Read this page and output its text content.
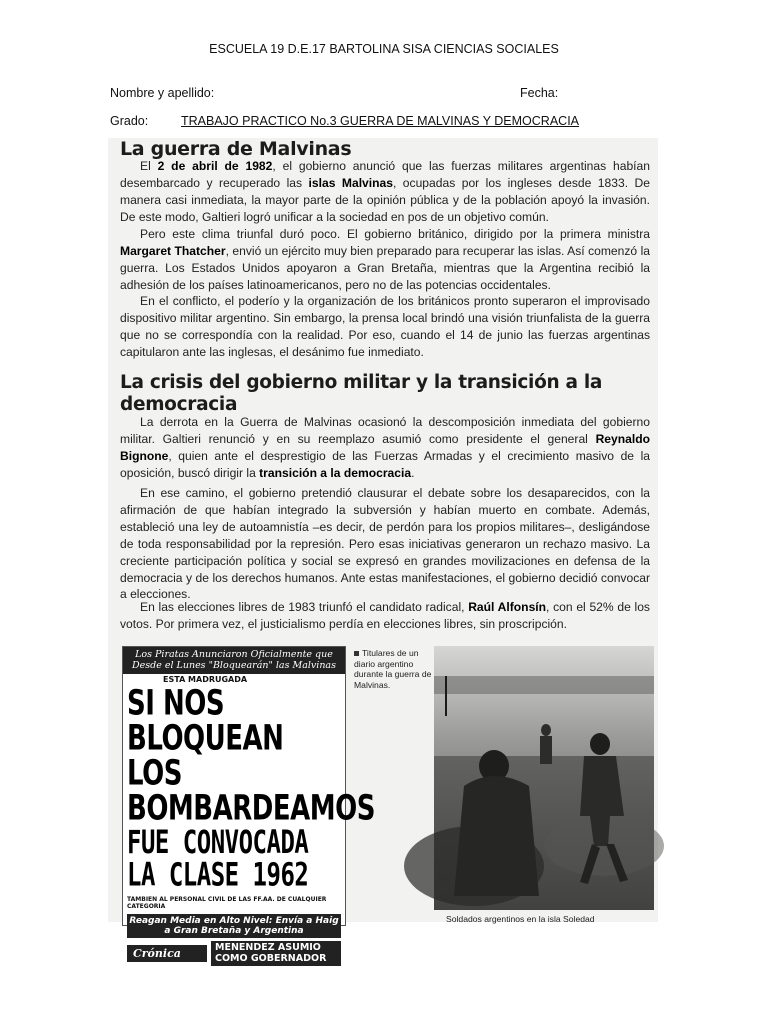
ESCUELA 19 D.E.17 BARTOLINA SISA CIENCIAS SOCIALES
Nombre y apellido:	Fecha:
Grado:	TRABAJO PRACTICO No.3 GUERRA DE MALVINAS Y DEMOCRACIA
La guerra de Malvinas

El 2 de abril de 1982, el gobierno anunció que las fuerzas militares argentinas habían desembarcado y recuperado las islas Malvinas, ocupadas por los ingleses desde 1833. De manera casi inmediata, la mayor parte de la opinión pública y de la población apoyó la invasión. De este modo, Galtieri logró unificar a la sociedad en pos de un objetivo común.

Pero este clima triunfal duró poco. El gobierno británico, dirigido por la primera ministra Margaret Thatcher, envió un ejército muy bien preparado para recuperar las islas. Así comenzó la guerra. Los Estados Unidos apoyaron a Gran Bretaña, mientras que la Argentina recibió la adhesión de los países latinoamericanos, pero no de las potencias occidentales.

En el conflicto, el poderío y la organización de los británicos pronto superaron el improvisado dispositivo militar argentino. Sin embargo, la prensa local brindó una visión triunfalista de la guerra que no se correspondía con la realidad. Por eso, cuando el 14 de junio las fuerzas argentinas capitularon ante las inglesas, el desánimo fue inmediato.

La crisis del gobierno militar y la transición a la democracia

La derrota en la Guerra de Malvinas ocasionó la descomposición inmediata del gobierno militar. Galtieri renunció y en su reemplazo asumió como presidente el general Reynaldo Bignone, quien ante el desprestigio de las Fuerzas Armadas y el crecimiento masivo de la oposición, buscó dirigir la transición a la democracia.

En ese camino, el gobierno pretendió clausurar el debate sobre los desaparecidos, con la afirmación de que habían integrado la subversión y habían muerto en combate. Además, estableció una ley de autoamnistía –es decir, de perdón para los propios militares–, desligándose de toda responsabilidad por la represión. Pero esas iniciativas generaron un rechazo masivo. La creciente participación política y social se expresó en grandes movilizaciones en defensa de la democracia y de los derechos humanos. Ante estas manifestaciones, el gobierno decidió convocar a elecciones.

En las elecciones libres de 1983 triunfó el candidato radical, Raúl Alfonsín, con el 52% de los votos. Por primera vez, el justicialismo perdía en elecciones libres, sin proscripción.

Los Piratas Anunciaron Oficialmente que Desde el Lunes "Bloquearán" las Malvinas
ESTA MADRUGADA
SI NOS BLOQUEAN LOS BOMBARDEAMOS
FUE CONVOCADA LA CLASE 1962
TAMBIEN AL PERSONAL CIVIL DE LAS FF.AA. DE CUALQUIER CATEGORIA
Reagan Media en Alto Nivel: Envía a Haig a Gran Bretaña y Argentina
Crónica	MENENDEZ ASUMIO COMO GOBERNADOR
Titulares de un diario argentino durante la guerra de Malvinas.
Soldados argentinos en la isla Soledad
